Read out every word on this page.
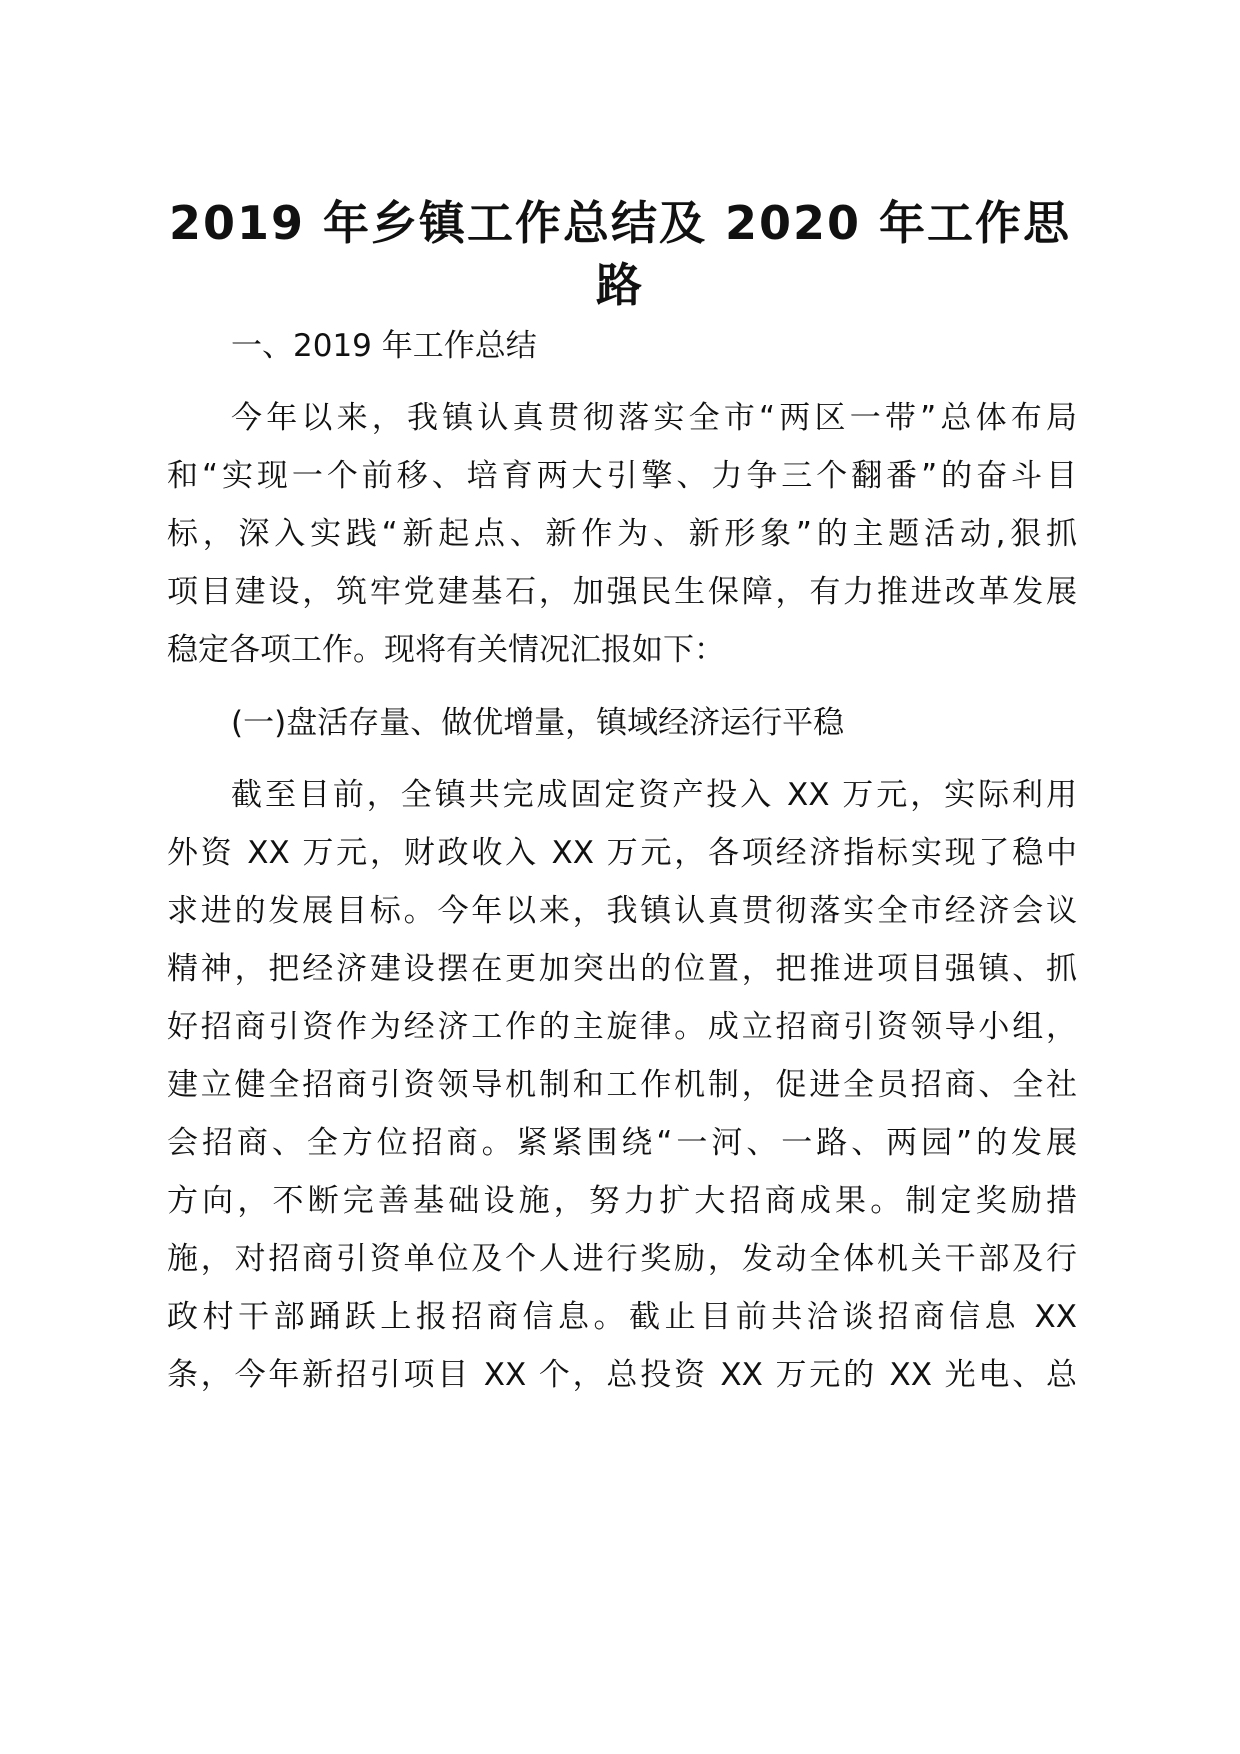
2019 年乡镇工作总结及 2020 年工作思路

一、2019 年工作总结

今年以来，我镇认真贯彻落实全市“两区一带”总体布局

和“实现一个前移、培育两大引擎、力争三个翻番”的奋斗目

标，深入实践“新起点、新作为、新形象”的主题活动,狠抓

项目建设，筑牢党建基石，加强民生保障，有力推进改革发展

稳定各项工作。现将有关情况汇报如下：

(一)盘活存量、做优增量，镇域经济运行平稳

截至目前，全镇共完成固定资产投入 XX 万元，实际利用

外资 XX 万元，财政收入 XX 万元，各项经济指标实现了稳中

求进的发展目标。今年以来，我镇认真贯彻落实全市经济会议

精神，把经济建设摆在更加突出的位置，把推进项目强镇、抓

好招商引资作为经济工作的主旋律。成立招商引资领导小组，

建立健全招商引资领导机制和工作机制，促进全员招商、全社

会招商、全方位招商。紧紧围绕“一河、一路、两园”的发展

方向，不断完善基础设施，努力扩大招商成果。制定奖励措

施，对招商引资单位及个人进行奖励，发动全体机关干部及行

政村干部踊跃上报招商信息。截止目前共洽谈招商信息 XX

条，今年新招引项目 XX 个，总投资 XX 万元的 XX 光电、总
